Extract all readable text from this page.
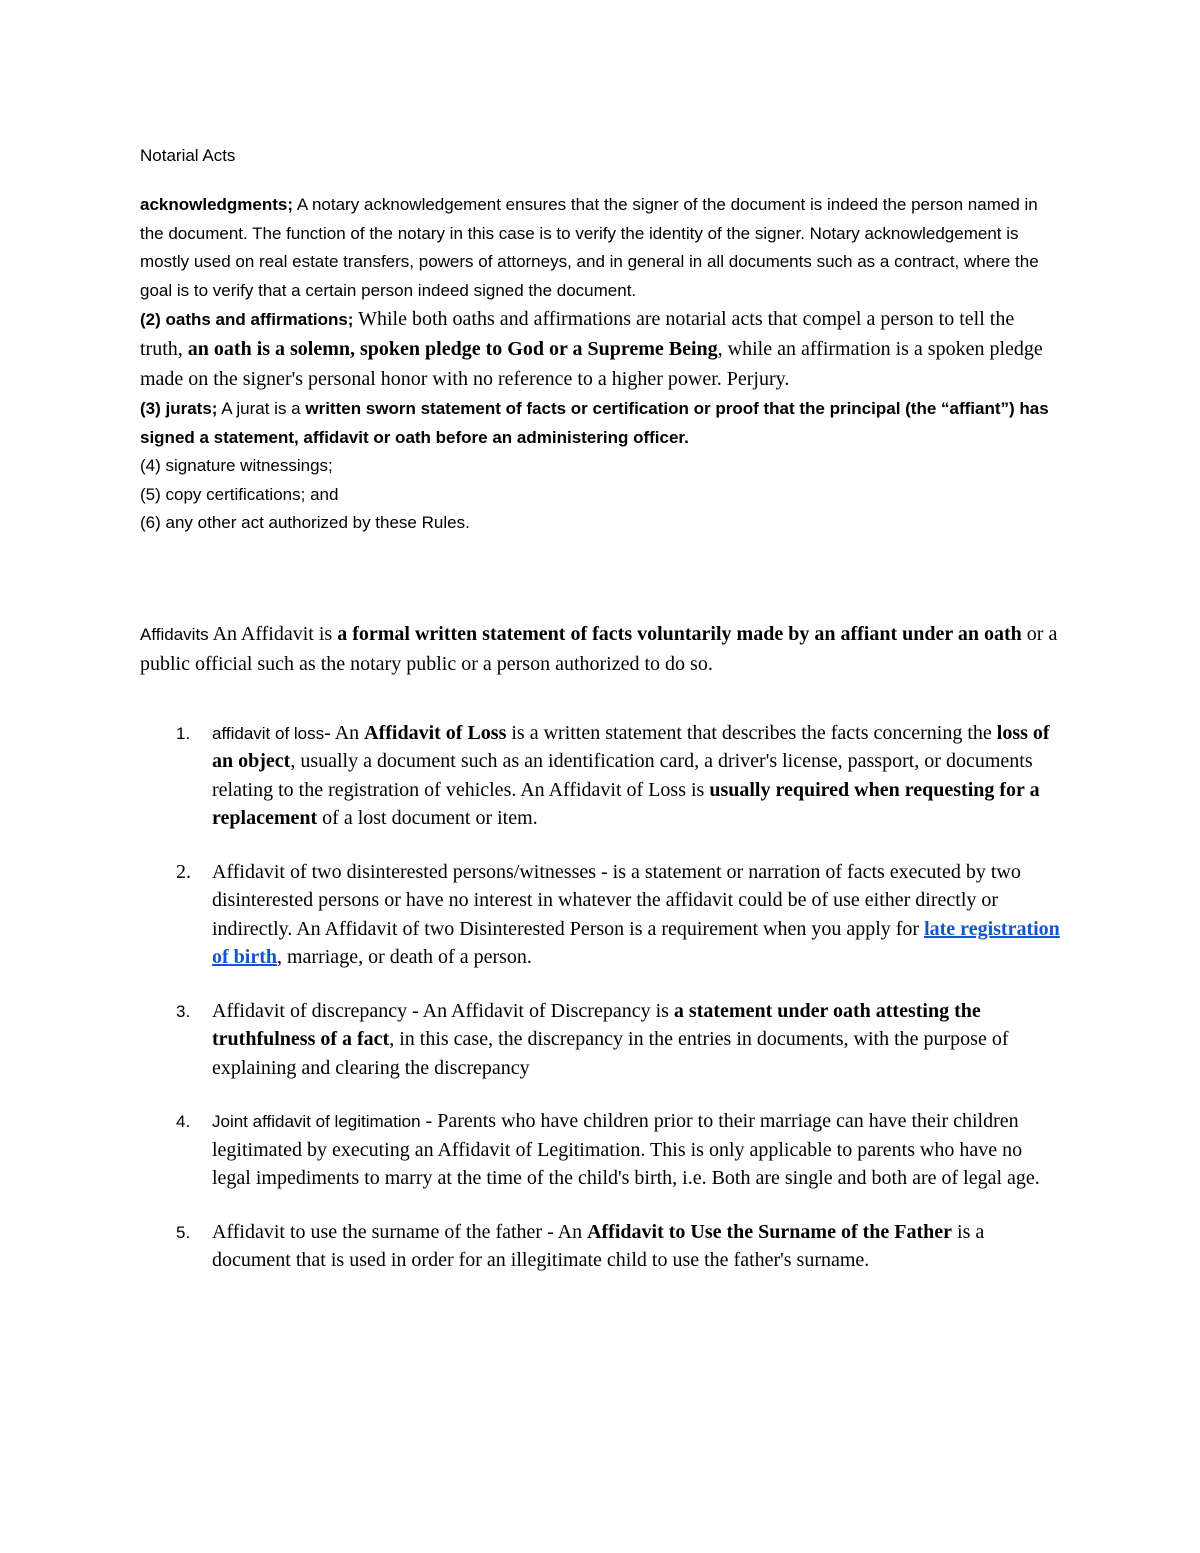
Notarial Acts

acknowledgments; A notary acknowledgement ensures that the signer of the document is indeed the person named in the document. The function of the notary in this case is to verify the identity of the signer. Notary acknowledgement is mostly used on real estate transfers, powers of attorneys, and in general in all documents such as a contract, where the goal is to verify that a certain person indeed signed the document.

(2) oaths and affirmations; While both oaths and affirmations are notarial acts that compel a person to tell the truth, an oath is a solemn, spoken pledge to God or a Supreme Being, while an affirmation is a spoken pledge made on the signer's personal honor with no reference to a higher power. Perjury.

(3) jurats; A jurat is a written sworn statement of facts or certification or proof that the principal (the “affiant”) has signed a statement, affidavit or oath before an administering officer.

(4) signature witnessings;

(5) copy certifications; and

(6) any other act authorized by these Rules.

Affidavits An Affidavit is a formal written statement of facts voluntarily made by an affiant under an oath or a public official such as the notary public or a person authorized to do so.

1. affidavit of loss- An Affidavit of Loss is a written statement that describes the facts concerning the loss of an object, usually a document such as an identification card, a driver's license, passport, or documents relating to the registration of vehicles. An Affidavit of Loss is usually required when requesting for a replacement of a lost document or item.
2. Affidavit of two disinterested persons/witnesses - is a statement or narration of facts executed by two disinterested persons or have no interest in whatever the affidavit could be of use either directly or indirectly. An Affidavit of two Disinterested Person is a requirement when you apply for late registration of birth, marriage, or death of a person.
3. Affidavit of discrepancy - An Affidavit of Discrepancy is a statement under oath attesting the truthfulness of a fact, in this case, the discrepancy in the entries in documents, with the purpose of explaining and clearing the discrepancy
4. Joint affidavit of legitimation - Parents who have children prior to their marriage can have their children legitimated by executing an Affidavit of Legitimation. This is only applicable to parents who have no legal impediments to marry at the time of the child's birth, i.e. Both are single and both are of legal age.
5. Affidavit to use the surname of the father - An Affidavit to Use the Surname of the Father is a document that is used in order for an illegitimate child to use the father's surname.
